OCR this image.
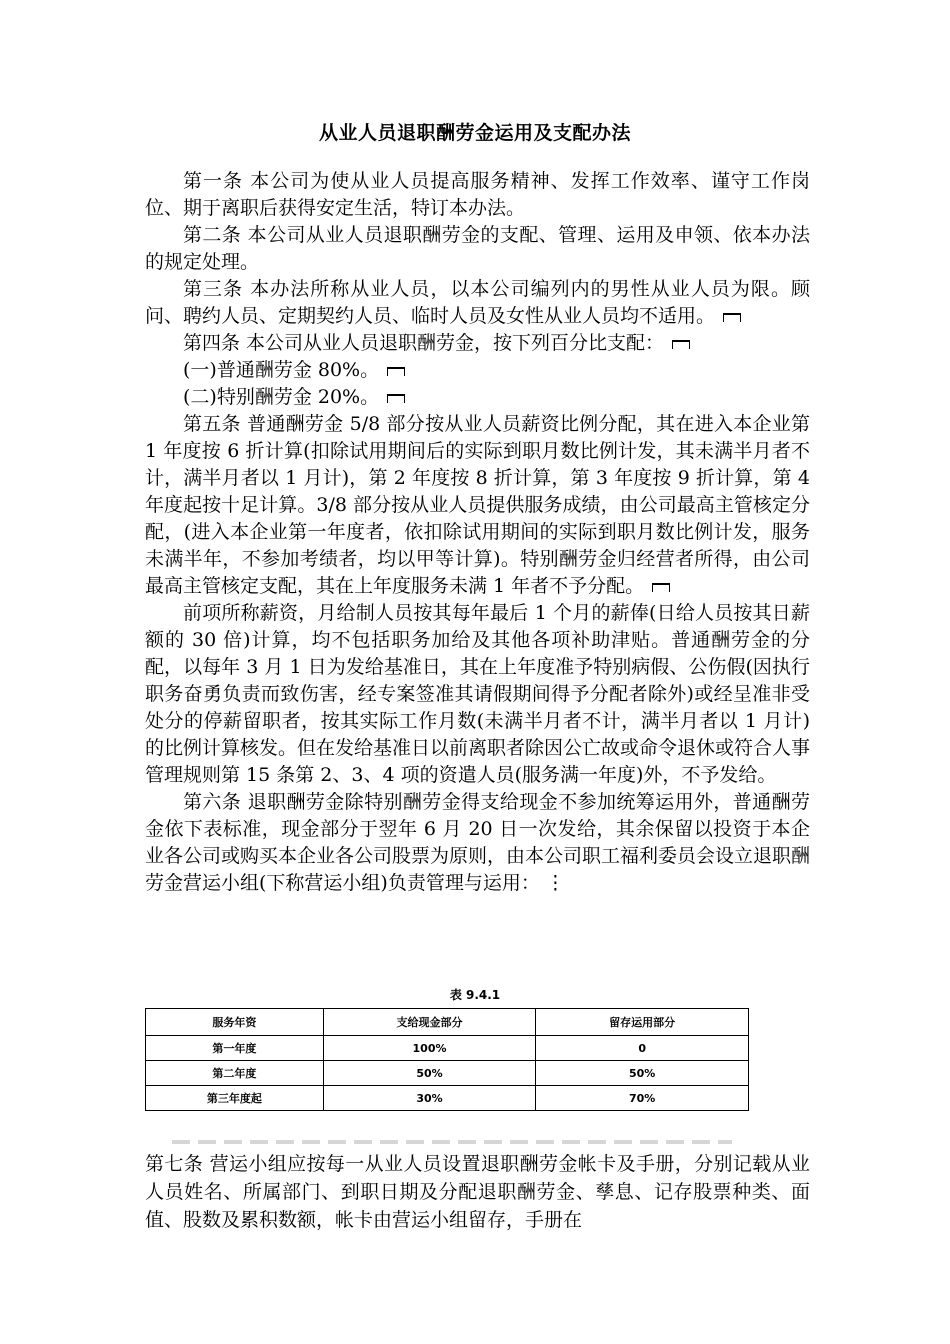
从业人员退职酬劳金运用及支配办法

第一条 本公司为使从业人员提高服务精神、发挥工作效率、谨守工作岗位、期于离职后获得安定生活，特订本办法。

第二条 本公司从业人员退职酬劳金的支配、管理、运用及申领、依本办法的规定处理。

第三条 本办法所称从业人员，以本公司编列内的男性从业人员为限。顾问、聘约人员、定期契约人员、临时人员及女性从业人员均不适用。

第四条 本公司从业人员退职酬劳金，按下列百分比支配：

(一)普通酬劳金 80%。

(二)特别酬劳金 20%。

第五条 普通酬劳金 5/8 部分按从业人员薪资比例分配，其在进入本企业第 1 年度按 6 折计算(扣除试用期间后的实际到职月数比例计发，其未满半月者不计，满半月者以 1 月计)，第 2 年度按 8 折计算，第 3 年度按 9 折计算，第 4 年度起按十足计算。3/8 部分按从业人员提供服务成绩，由公司最高主管核定分配，(进入本企业第一年度者，依扣除试用期间的实际到职月数比例计发，服务未满半年，不参加考绩者，均以甲等计算)。特别酬劳金归经营者所得，由公司最高主管核定支配，其在上年度服务未满 1 年者不予分配。

前项所称薪资，月给制人员按其每年最后 1 个月的薪俸(日给人员按其日薪额的 30 倍)计算，均不包括职务加给及其他各项补助津贴。普通酬劳金的分配，以每年 3 月 1 日为发给基准日，其在上年度准予特别病假、公伤假(因执行职务奋勇负责而致伤害，经专案签准其请假期间得予分配者除外)或经呈准非受处分的停薪留职者，按其实际工作月数(未满半月者不计，满半月者以 1 月计)的比例计算核发。但在发给基准日以前离职者除因公亡故或命令退休或符合人事管理规则第 15 条第 2、3、4 项的资遣人员(服务满一年度)外，不予发给。

第六条 退职酬劳金除特别酬劳金得支给现金不参加统筹运用外，普通酬劳金依下表标准，现金部分于翌年 6 月 20 日一次发给，其余保留以投资于本企业各公司或购买本企业各公司股票为原则，由本公司职工福利委员会设立退职酬劳金营运小组(下称营运小组)负责管理与运用： ⋮

表 9.4.1
服务年资	支给现金部分	留存运用部分
第一年度	100%	0
第二年度	50%	50%
第三年度起	30%	70%

第七条 营运小组应按每一从业人员设置退职酬劳金帐卡及手册，分别记载从业人员姓名、所属部门、到职日期及分配退职酬劳金、孳息、记存股票种类、面值、股数及累积数额，帐卡由营运小组留存，手册在
